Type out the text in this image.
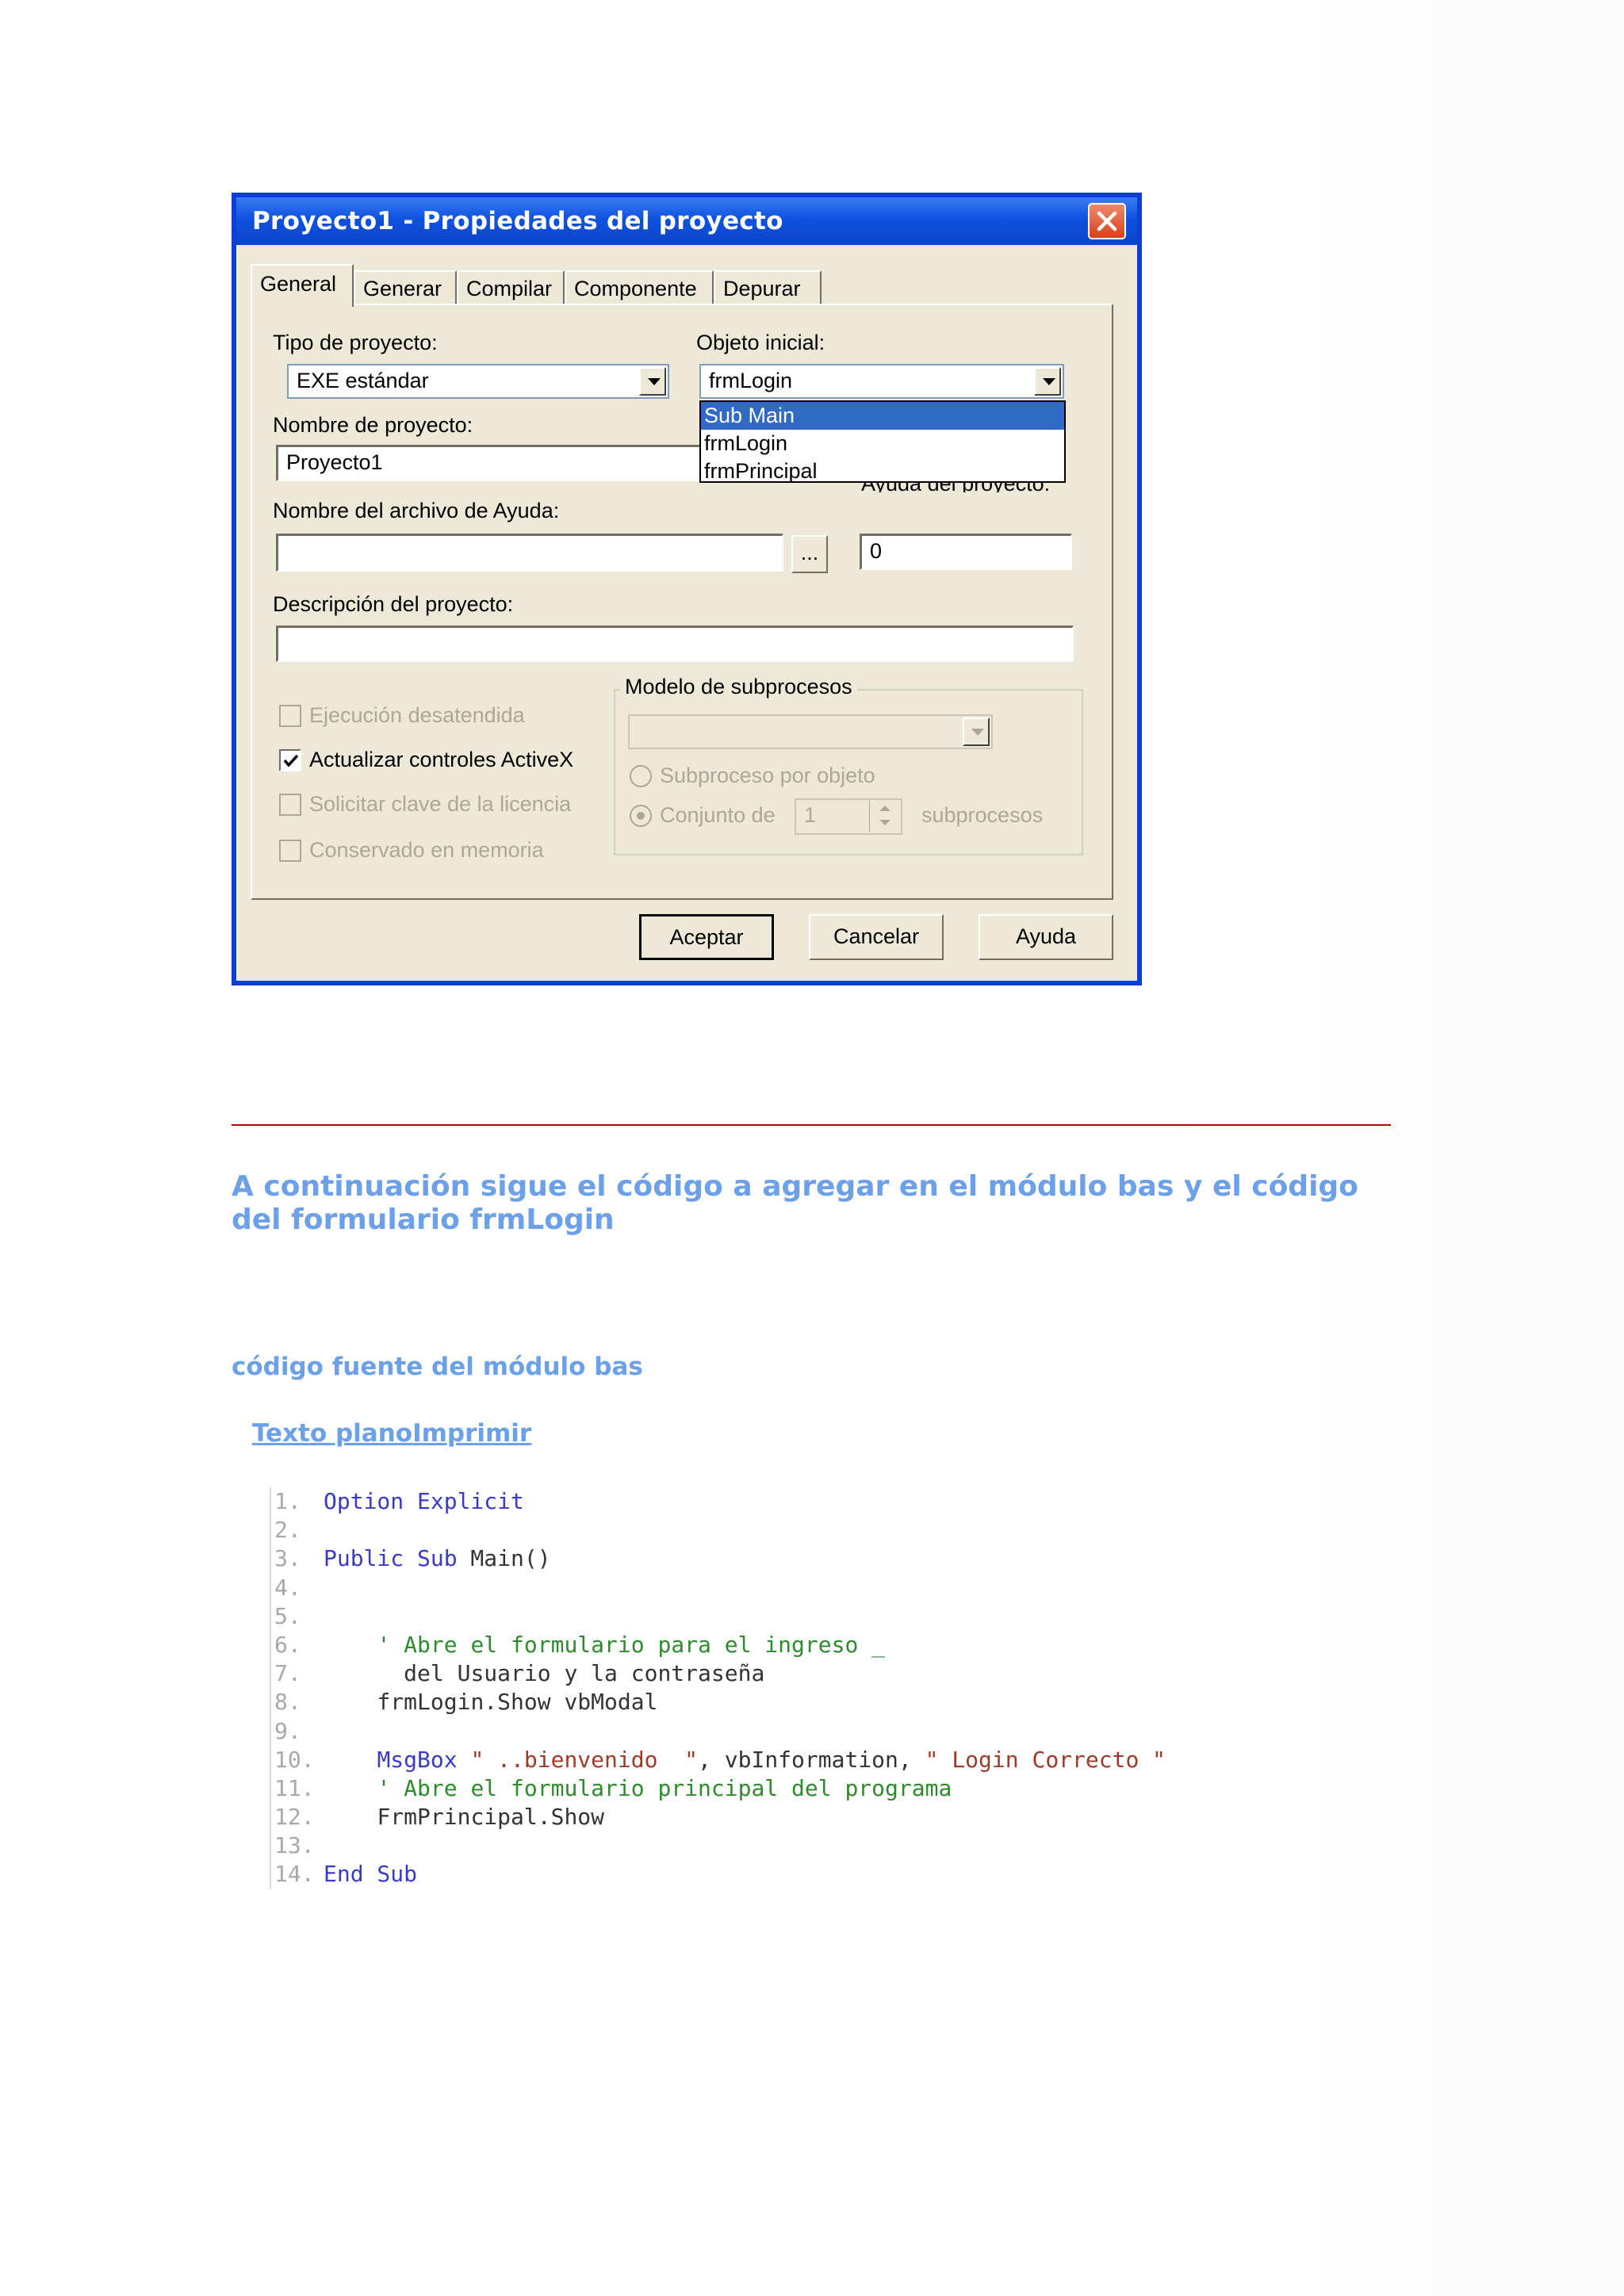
Proyecto1 - Propiedades del proyecto
General	Generar	Compilar	Componente	Depurar
Tipo de proyecto:
EXE estándar
Objeto inicial:
frmLogin
Sub Main
frmLogin
frmPrincipal
Nombre de proyecto:
Proyecto1
0
Nombre del archivo de Ayuda:
...
Descripción del proyecto:
Ejecución desatendida
Actualizar controles ActiveX
Solicitar clave de la licencia
Conservado en memoria
Modelo de subprocesos
Subproceso por objeto
Conjunto de	1	subprocesos
Aceptar	Cancelar	Ayuda
A continuación sigue el código a agregar en el módulo bas y el código del formulario frmLogin
código fuente del módulo bas
Texto planoImprimir
1. Option Explicit
2.
3. Public Sub Main()
4.
5.
6.	' Abre el formulario para el ingreso _
7.	del Usuario y la contraseña
8.	frmLogin.Show vbModal
9.
10.	MsgBox " ..bienvenido  ", vbInformation, " Login Correcto "
11.	' Abre el formulario principal del programa
12.	FrmPrincipal.Show
13.
14. End Sub
